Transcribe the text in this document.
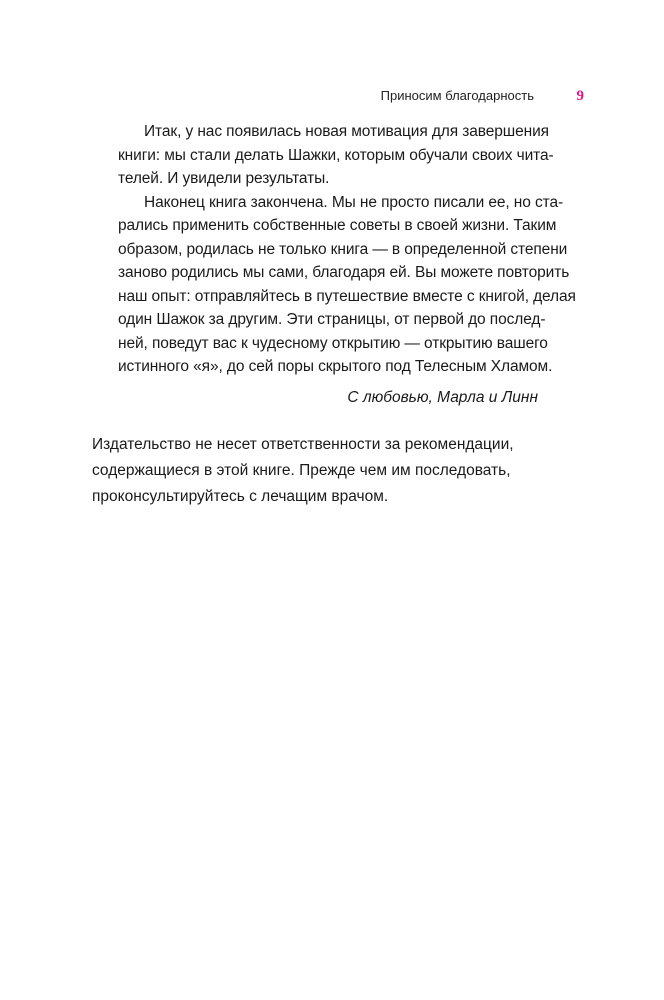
Приносим благодарность	9
Итак, у нас появилась новая мотивация для завершения
книги: мы стали делать Шажки, которым обучали своих чита-
телей. И увидели результаты.
Наконец книга закончена. Мы не просто писали ее, но ста-
рались применить собственные советы в своей жизни. Таким
образом, родилась не только книга — в определенной степени
заново родились мы сами, благодаря ей. Вы можете повторить
наш опыт: отправляйтесь в путешествие вместе с книгой, делая
один Шажок за другим. Эти страницы, от первой до послед-
ней, поведут вас к чудесному открытию — открытию вашего
истинного «я», до сей поры скрытого под Телесным Хламом.
С любовью, Марла и Линн
Издательство не несет ответственности за рекомендации,
содержащиеся в этой книге. Прежде чем им последовать,
проконсультируйтесь с лечащим врачом.
